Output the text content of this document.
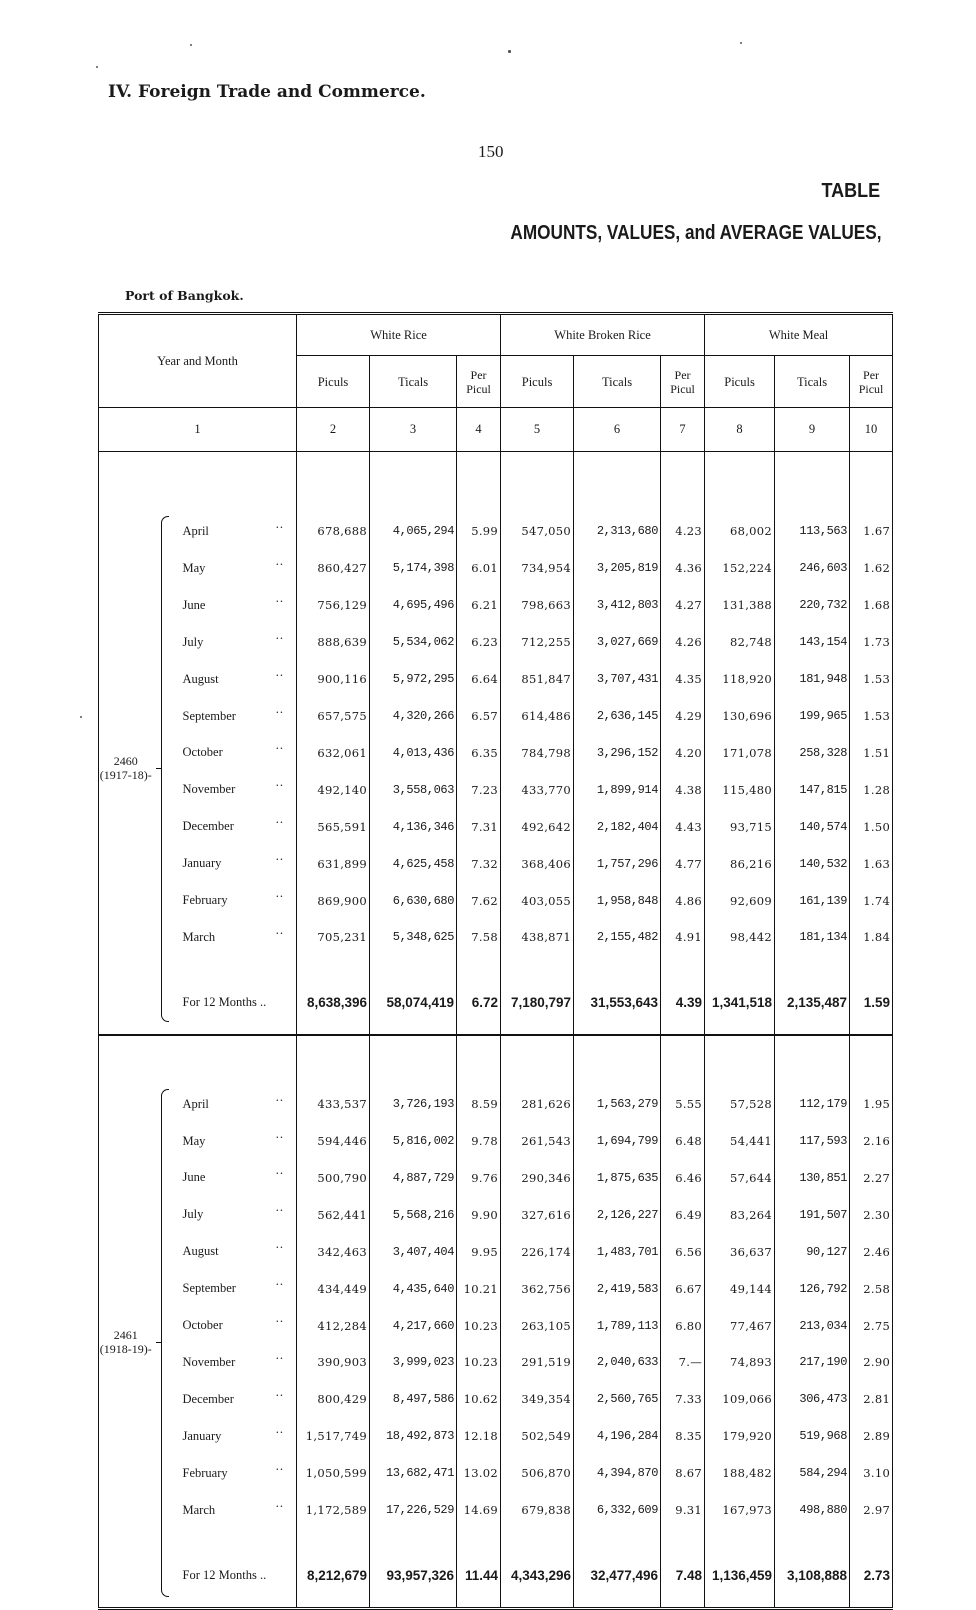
IV. Foreign Trade and Commerce.
150
TABLE
AMOUNTS, VALUES, and AVERAGE VALUES,
Port of Bangkok.
Year and Month		White Rice			White Broken Rice			White Meal		
		Piculs	Ticals	Per Picul	Piculs	Ticals	Per Picul	Piculs	Ticals	Per Picul
1		2	3	4	5	6	7	8	9	10

2460
(1917-18)-										

	April ..	678,688	4,065,294	5.99	547,050	2,313,680	4.23	68,002	113,563	1.67
	May ..	860,427	5,174,398	6.01	734,954	3,205,819	4.36	152,224	246,603	1.62
	June ..	756,129	4,695,496	6.21	798,663	3,412,803	4.27	131,388	220,732	1.68
	July ..	888,639	5,534,062	6.23	712,255	3,027,669	4.26	82,748	143,154	1.73
	August ..	900,116	5,972,295	6.64	851,847	3,707,431	4.35	118,920	181,948	1.53
	September ..	657,575	4,320,266	6.57	614,486	2,636,145	4.29	130,696	199,965	1.53
	October ..	632,061	4,013,436	6.35	784,798	3,296,152	4.20	171,078	258,328	1.51
	November ..	492,140	3,558,063	7.23	433,770	1,899,914	4.38	115,480	147,815	1.28
	December ..	565,591	4,136,346	7.31	492,642	2,182,404	4.43	93,715	140,574	1.50
	January ..	631,899	4,625,458	7.32	368,406	1,757,296	4.77	86,216	140,532	1.63
	February ..	869,900	6,630,680	7.62	403,055	1,958,848	4.86	92,609	161,139	1.74
	March ..	705,231	5,348,625	7.58	438,871	2,155,482	4.91	98,442	181,134	1.84

	For 12 Months ..	8,638,396	58,074,419	6.72	7,180,797	31,553,643	4.39	1,341,518	2,135,487	1.59

2461
(1918-19)-										

	April ..	433,537	3,726,193	8.59	281,626	1,563,279	5.55	57,528	112,179	1.95
	May ..	594,446	5,816,002	9.78	261,543	1,694,799	6.48	54,441	117,593	2.16
	June ..	500,790	4,887,729	9.76	290,346	1,875,635	6.46	57,644	130,851	2.27
	July ..	562,441	5,568,216	9.90	327,616	2,126,227	6.49	83,264	191,507	2.30
	August ..	342,463	3,407,404	9.95	226,174	1,483,701	6.56	36,637	90,127	2.46
	September ..	434,449	4,435,640	10.21	362,756	2,419,583	6.67	49,144	126,792	2.58
	October ..	412,284	4,217,660	10.23	263,105	1,789,113	6.80	77,467	213,034	2.75
	November ..	390,903	3,999,023	10.23	291,519	2,040,633	7.—	74,893	217,190	2.90
	December ..	800,429	8,497,586	10.62	349,354	2,560,765	7.33	109,066	306,473	2.81
	January ..	1,517,749	18,492,873	12.18	502,549	4,196,284	8.35	179,920	519,968	2.89
	February ..	1,050,599	13,682,471	13.02	506,870	4,394,870	8.67	188,482	584,294	3.10
	March ..	1,172,589	17,226,529	14.69	679,838	6,332,609	9.31	167,973	498,880	2.97

	For 12 Months ..	8,212,679	93,957,326	11.44	4,343,296	32,477,496	7.48	1,136,459	3,108,888	2.73
